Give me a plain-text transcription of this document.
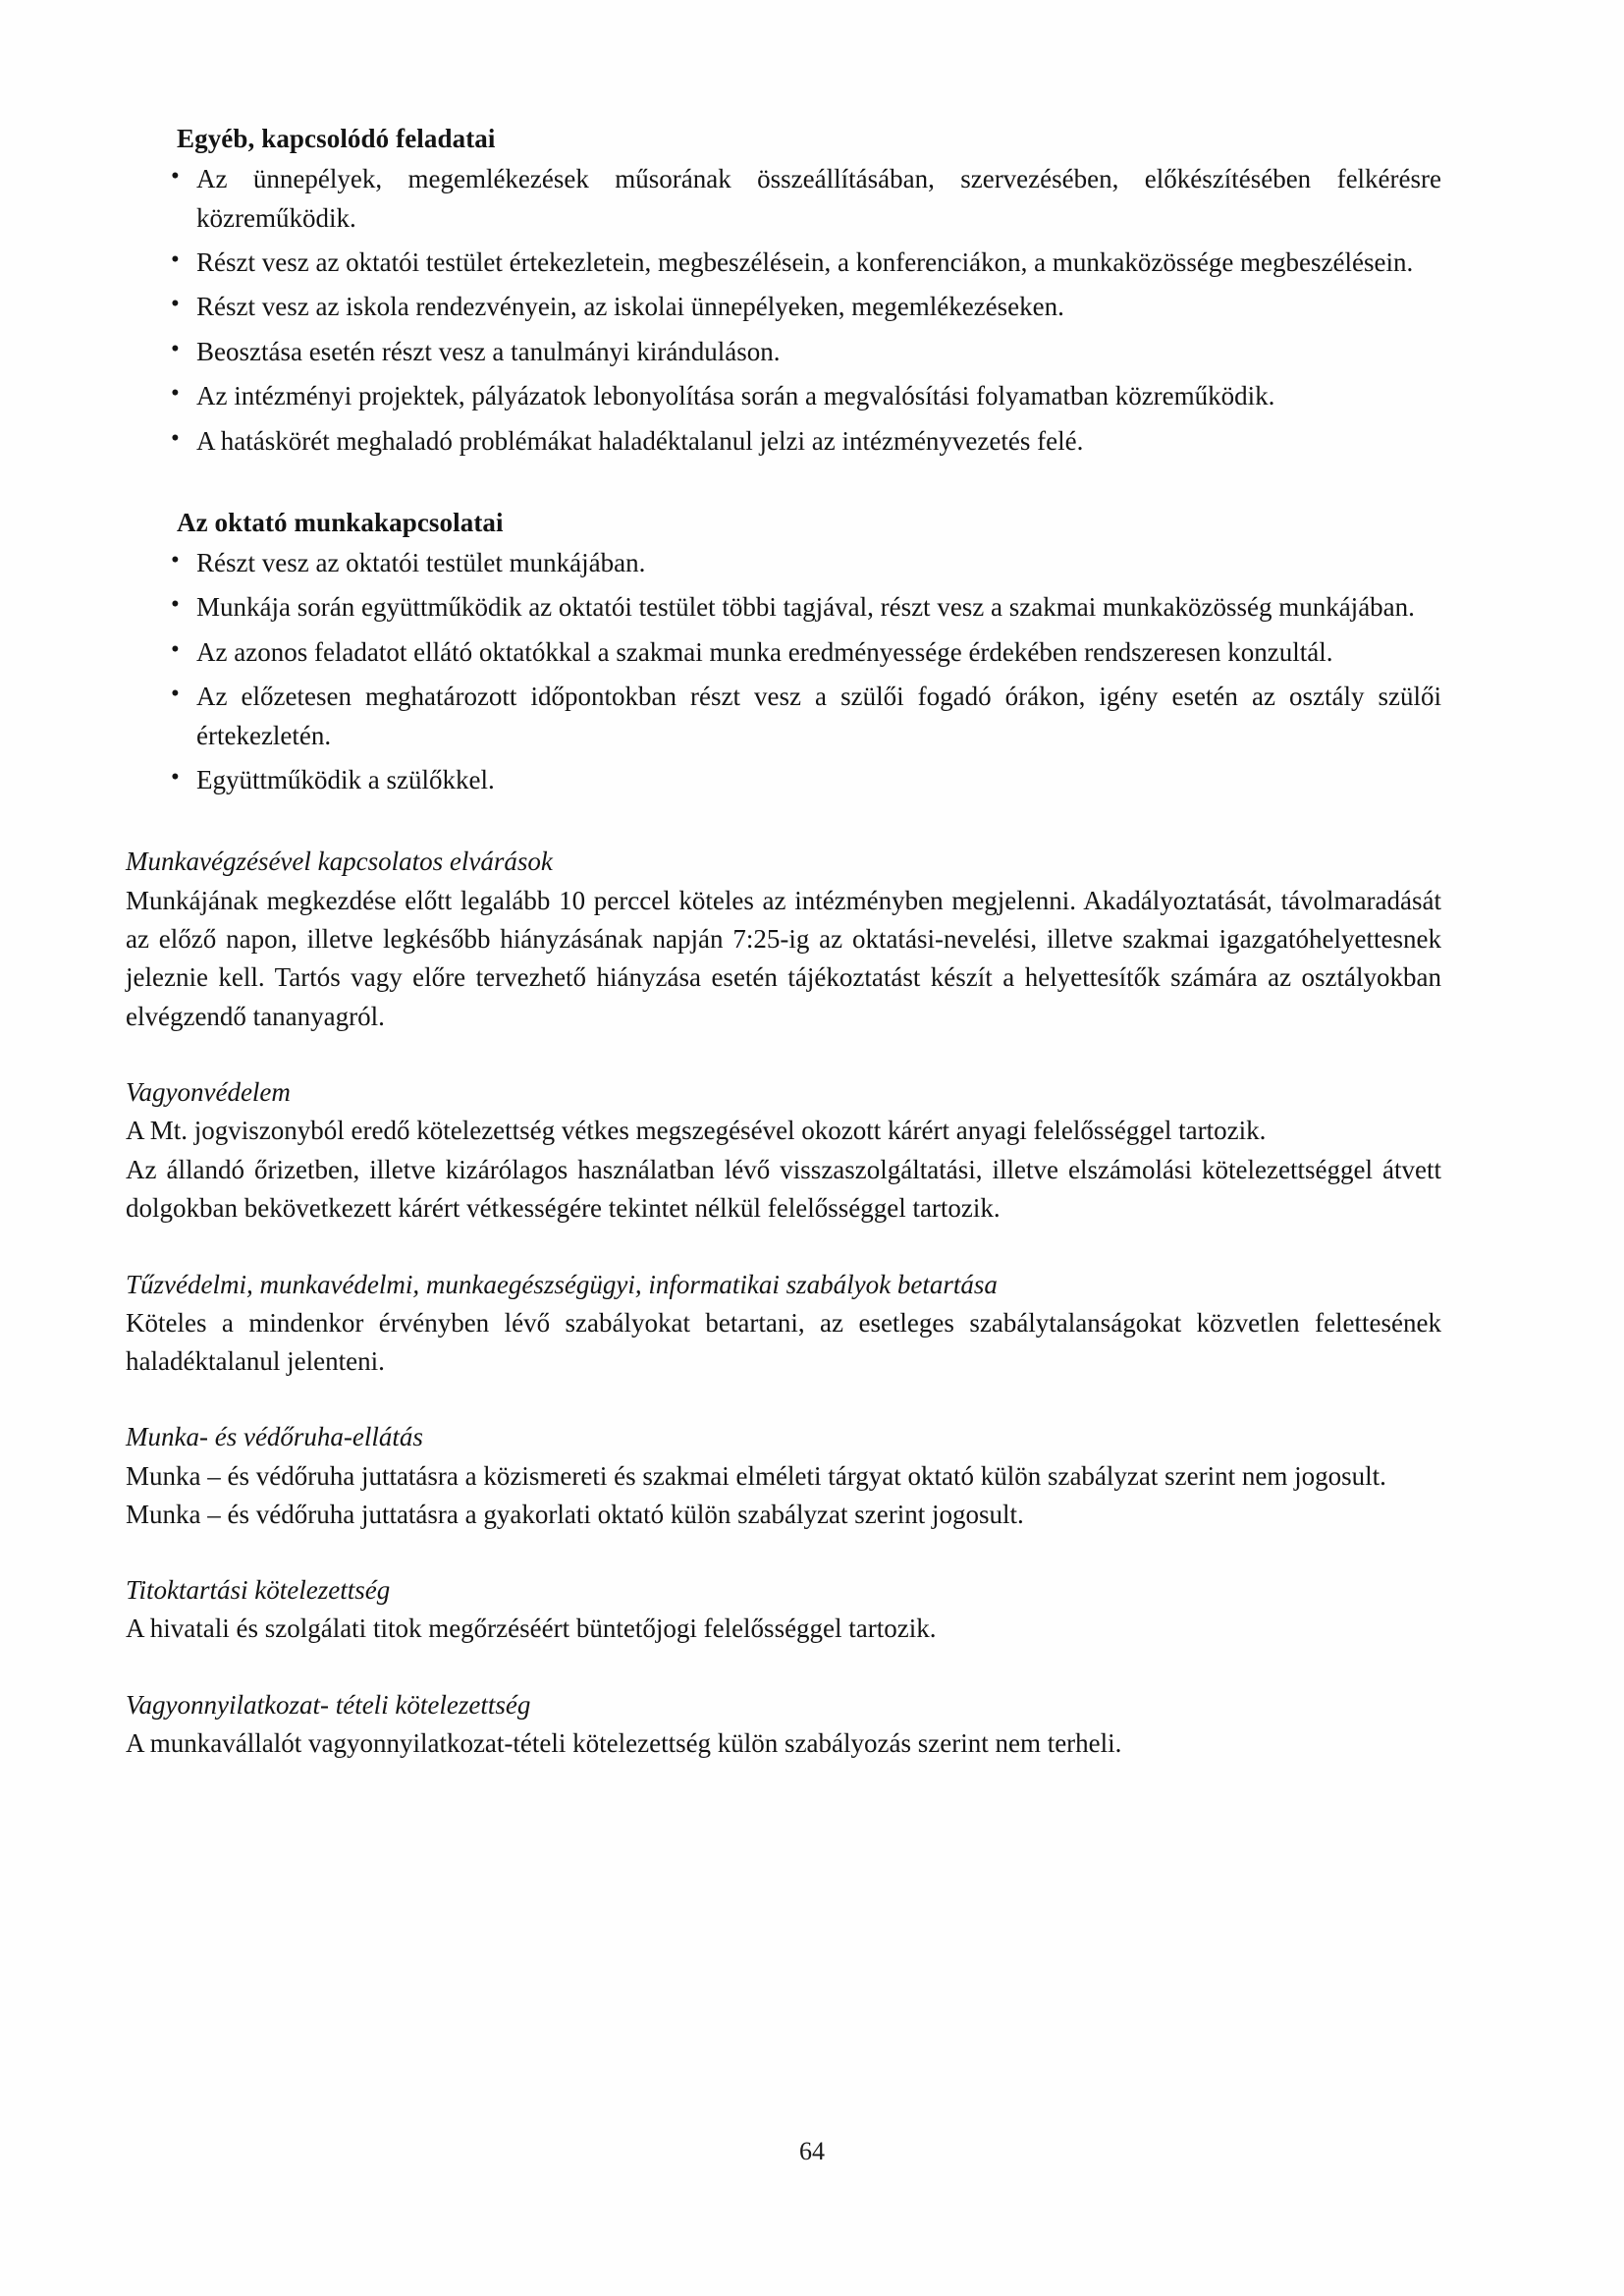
Egyéb, kapcsolódó feladatai
• Az ünnepélyek, megemlékezések műsorának összeállításában, szervezésében, előkészítésében felkérésre közreműködik.
• Részt vesz az oktatói testület értekezletein, megbeszélésein, a konferenciákon, a munkaközössége megbeszélésein.
• Részt vesz az iskola rendezvényein, az iskolai ünnepélyeken, megemlékezéseken.
• Beosztása esetén részt vesz a tanulmányi kiránduláson.
• Az intézményi projektek, pályázatok lebonyolítása során a megvalósítási folyamatban közreműködik.
• A hatáskörét meghaladó problémákat haladéktalanul jelzi az intézményvezetés felé.
Az oktató munkakapcsolatai
• Részt vesz az oktatói testület munkájában.
• Munkája során együttműködik az oktatói testület többi tagjával, részt vesz a szakmai munkaközösség munkájában.
• Az azonos feladatot ellátó oktatókkal a szakmai munka eredményessége érdekében rendszeresen konzultál.
• Az előzetesen meghatározott időpontokban részt vesz a szülői fogadó órákon, igény esetén az osztály szülői értekezletén.
• Együttműködik a szülőkkel.
Munkavégzésével kapcsolatos elvárások

Munkájának megkezdése előtt legalább 10 perccel köteles az intézményben megjelenni. Akadályoztatását, távolmaradását az előző napon, illetve legkésőbb hiányzásának napján 7:25-ig az oktatási-nevelési, illetve szakmai igazgatóhelyettesnek jeleznie kell. Tartós vagy előre tervezhető hiányzása esetén tájékoztatást készít a helyettesítők számára az osztályokban elvégzendő tananyagról.

Vagyonvédelem

A Mt. jogviszonyból eredő kötelezettség vétkes megszegésével okozott kárért anyagi felelősséggel tartozik.

Az állandó őrizetben, illetve kizárólagos használatban lévő visszaszolgáltatási, illetve elszámolási kötelezettséggel átvett dolgokban bekövetkezett kárért vétkességére tekintet nélkül felelősséggel tartozik.

Tűzvédelmi, munkavédelmi, munkaegészségügyi, informatikai szabályok betartása

Köteles a mindenkor érvényben lévő szabályokat betartani, az esetleges szabálytalanságokat közvetlen felettesének haladéktalanul jelenteni.

Munka- és védőruha-ellátás

Munka – és védőruha juttatásra a közismereti és szakmai elméleti tárgyat oktató külön szabályzat szerint nem jogosult.

Munka – és védőruha juttatásra a gyakorlati oktató külön szabályzat szerint jogosult.

Titoktartási kötelezettség

A hivatali és szolgálati titok megőrzéséért büntetőjogi felelősséggel tartozik.

Vagyonnyilatkozat- tételi kötelezettség

A munkavállalót vagyonnyilatkozat-tételi kötelezettség külön szabályozás szerint nem terheli.

64
